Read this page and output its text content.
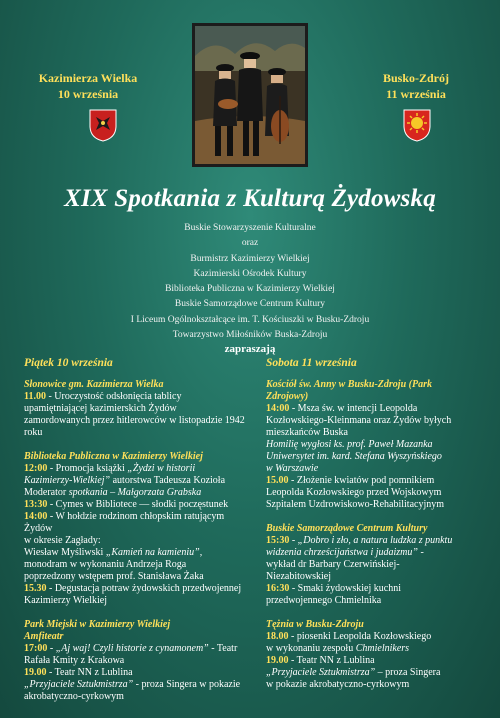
Kazimierza Wielka
10 września
Busko-Zdrój
11 września
XIX Spotkania z Kulturą Żydowską
Buskie Stowarzyszenie Kulturalne
oraz
Burmistrz Kazimierzy Wielkiej
Kazimierski Ośrodek Kultury
Biblioteka Publiczna w Kazimierzy Wielkiej
Buskie Samorządowe Centrum Kultury
I Liceum Ogólnokształcące im. T. Kościuszki w Busku-Zdroju
Towarzystwo Miłośników Buska-Zdroju
zapraszają
Piątek 10 września
Słonowice gm. Kazimierza Wielka
11.00 - Uroczystość odsłonięcia tablicy
upamiętniającej kazimierskich Żydów
zamordowanych przez hitlerowców w listopadzie 1942
roku
Biblioteka Publiczna w Kazimierzy Wielkiej
12:00 - Promocja książki „Żydzi w historii
Kazimierzy-Wielkiej” autorstwa Tadeusza Kozioła
Moderator spotkania – Małgorzata Grabska
13:30 - Cymes w Bibliotece — słodki poczęstunek
14:00 - W hołdzie rodzinom chłopskim ratującym
Żydów
w okresie Zagłady:
Wiesław Myśliwski „Kamień na kamieniu”,
monodram w wykonaniu Andrzeja Roga
poprzedzony wstępem prof. Stanisława Żaka
15.30 - Degustacja potraw żydowskich przedwojennej
Kazimierzy Wielkiej
Park Miejski w Kazimierzy Wielkiej
Amfiteatr
17:00 - „Aj waj! Czyli historie z cynamonem” - Teatr
Rafała Kmity z Krakowa
19.00 - Teatr NN z Lublina
„Przyjaciele Sztukmistrza” - proza Singera w pokazie
akrobatyczno-cyrkowym
Sobota 11 września
Kościół św. Anny w Busku-Zdroju (Park
Zdrojowy)
14:00 - Msza św. w intencji Leopolda
Kozłowskiego-Kleinmana oraz Żydów byłych
mieszkańców Buska
Homilię wygłosi ks. prof. Paweł Mazanka
Uniwersytet im. kard. Stefana Wyszyńskiego
w Warszawie
15.00 - Złożenie kwiatów pod pomnikiem
Leopolda Kozłowskiego przed Wojskowym
Szpitalem Uzdrowiskowo-Rehabilitacyjnym
Buskie Samorządowe Centrum Kultury
15:30 - „Dobro i zło, a natura ludzka z punktu
widzenia chrześcijaństwa i judaizmu” -
wykład dr Barbary Czerwińskiej-
Niezabitowskiej
16:30 - Smaki żydowskiej kuchni
przedwojennego Chmielnika
Tężnia w Busku-Zdroju
18.00 - piosenki Leopolda Kozłowskiego
w wykonaniu zespołu Chmielnikers
19.00 - Teatr NN z Lublina
„Przyjaciele Sztukmistrza” – proza Singera
w pokazie akrobatyczno-cyrkowym
